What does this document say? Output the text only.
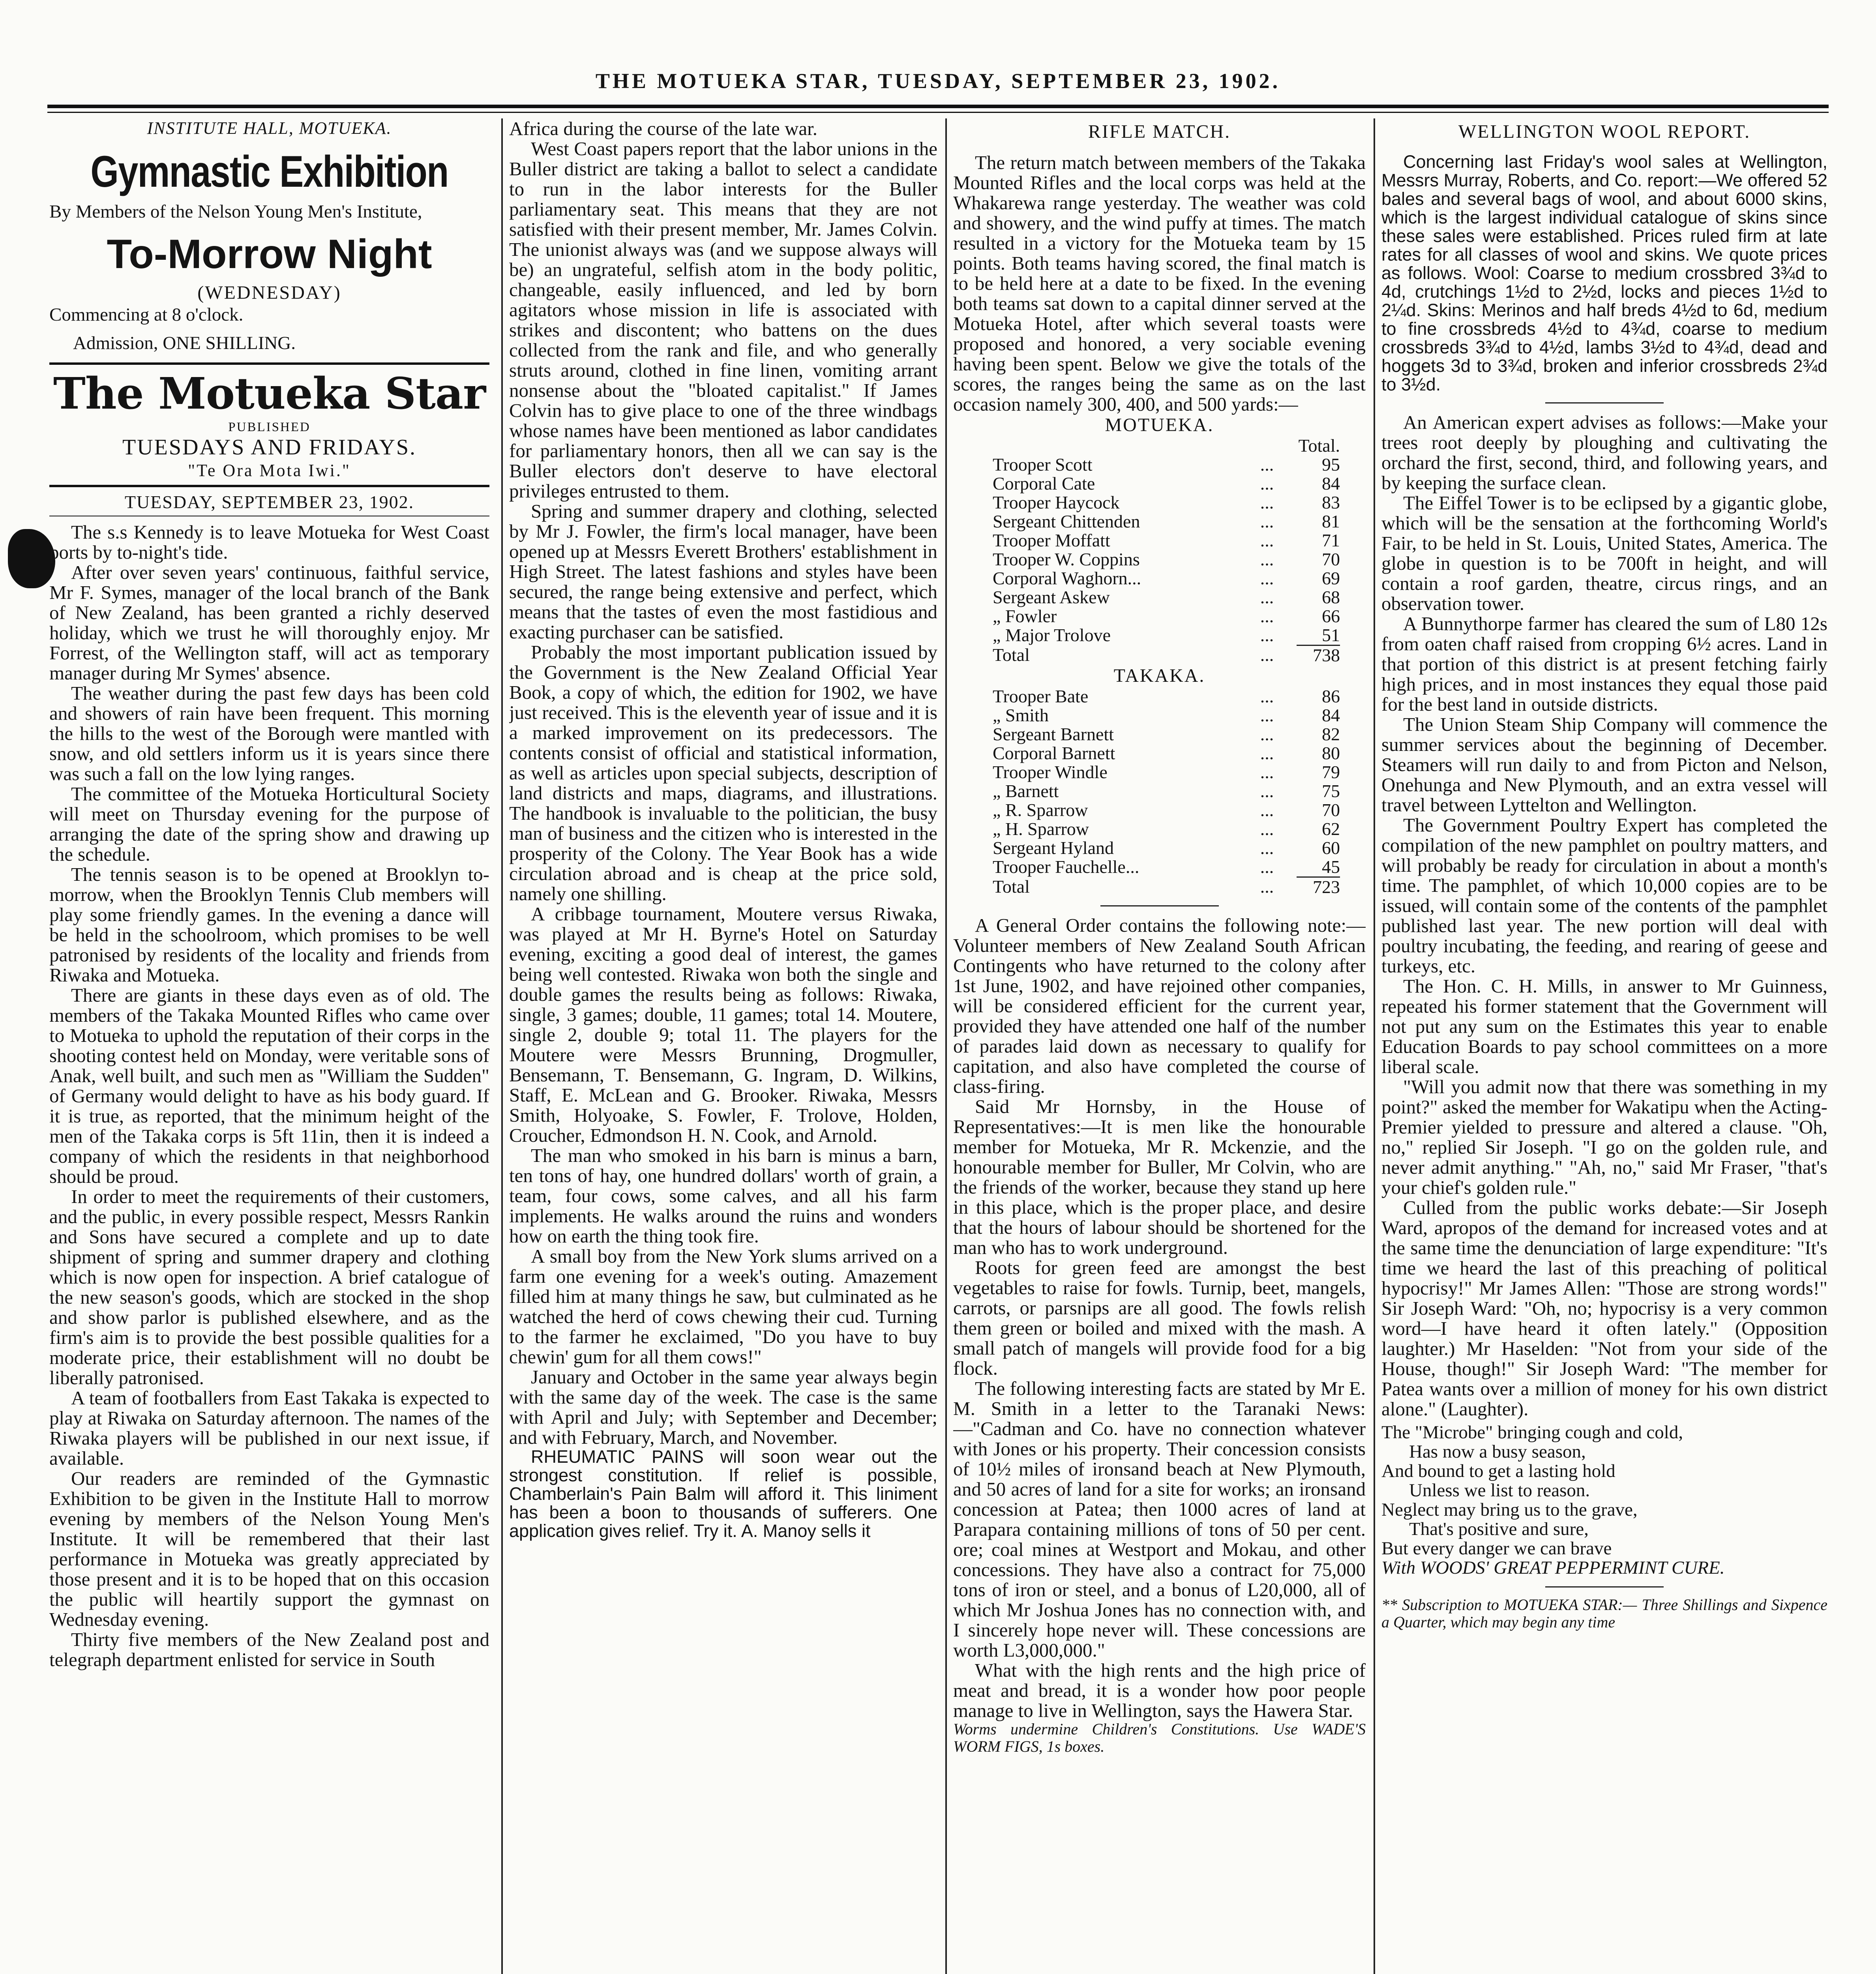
THE MOTUEKA STAR, TUESDAY, SEPTEMBER 23, 1902.
INSTITUTE HALL, MOTUEKA.
Gymnastic Exhibition
By Members of the Nelson Young Men's Institute,
To-Morrow Night
(WEDNESDAY)
Commencing at 8 o'clock.
Admission, ONE SHILLING.
The Motueka Star
PUBLISHED
TUESDAYS AND FRIDAYS.
"Te Ora Mota Iwi."
TUESDAY, SEPTEMBER 23, 1902.

The s.s Kennedy is to leave Motueka for West Coast ports by to-night's tide.

After over seven years' continuous, faithful service, Mr F. Symes, manager of the local branch of the Bank of New Zealand, has been granted a richly deserved holiday, which we trust he will thoroughly enjoy. Mr Forrest, of the Wellington staff, will act as temporary manager during Mr Symes' absence.

The weather during the past few days has been cold and showers of rain have been frequent. This morning the hills to the west of the Borough were mantled with snow, and old settlers inform us it is years since there was such a fall on the low lying ranges.

The committee of the Motueka Horticultural Society will meet on Thursday evening for the purpose of arranging the date of the spring show and drawing up the schedule.

The tennis season is to be opened at Brooklyn to-morrow, when the Brooklyn Tennis Club members will play some friendly games. In the evening a dance will be held in the schoolroom, which promises to be well patronised by residents of the locality and friends from Riwaka and Motueka.

There are giants in these days even as of old. The members of the Takaka Mounted Rifles who came over to Motueka to uphold the reputation of their corps in the shooting contest held on Monday, were veritable sons of Anak, well built, and such men as "William the Sudden" of Germany would delight to have as his body guard. If it is true, as reported, that the minimum height of the men of the Takaka corps is 5ft 11in, then it is indeed a company of which the residents in that neighborhood should be proud.

In order to meet the requirements of their customers, and the public, in every possible respect, Messrs Rankin and Sons have secured a complete and up to date shipment of spring and summer drapery and clothing which is now open for inspection. A brief catalogue of the new season's goods, which are stocked in the shop and show parlor is published elsewhere, and as the firm's aim is to provide the best possible qualities for a moderate price, their establishment will no doubt be liberally patronised.

A team of footballers from East Takaka is expected to play at Riwaka on Saturday afternoon. The names of the Riwaka players will be published in our next issue, if available.

Our readers are reminded of the Gymnastic Exhibition to be given in the Institute Hall to morrow evening by members of the Nelson Young Men's Institute. It will be remembered that their last performance in Motueka was greatly appreciated by those present and it is to be hoped that on this occasion the public will heartily support the gymnast on Wednesday evening.

Thirty five members of the New Zealand post and telegraph department enlisted for service in South

Africa during the course of the late war.

West Coast papers report that the labor unions in the Buller district are taking a ballot to select a candidate to run in the labor interests for the Buller parliamentary seat. This means that they are not satisfied with their present member, Mr. James Colvin. The unionist always was (and we suppose always will be) an ungrateful, selfish atom in the body politic, changeable, easily influenced, and led by born agitators whose mission in life is associated with strikes and discontent; who battens on the dues collected from the rank and file, and who generally struts around, clothed in fine linen, vomiting arrant nonsense about the "bloated capitalist." If James Colvin has to give place to one of the three windbags whose names have been mentioned as labor candidates for parliamentary honors, then all we can say is the Buller electors don't deserve to have electoral privileges entrusted to them.

Spring and summer drapery and clothing, selected by Mr J. Fowler, the firm's local manager, have been opened up at Messrs Everett Brothers' establishment in High Street. The latest fashions and styles have been secured, the range being extensive and perfect, which means that the tastes of even the most fastidious and exacting purchaser can be satisfied.

Probably the most important publication issued by the Government is the New Zealand Official Year Book, a copy of which, the edition for 1902, we have just received. This is the eleventh year of issue and it is a marked improvement on its predecessors. The contents consist of official and statistical information, as well as articles upon special subjects, description of land districts and maps, diagrams, and illustrations. The handbook is invaluable to the politician, the busy man of business and the citizen who is interested in the prosperity of the Colony. The Year Book has a wide circulation abroad and is cheap at the price sold, namely one shilling.

A cribbage tournament, Moutere versus Riwaka, was played at Mr H. Byrne's Hotel on Saturday evening, exciting a good deal of interest, the games being well contested. Riwaka won both the single and double games the results being as follows: Riwaka, single, 3 games; double, 11 games; total 14. Moutere, single 2, double 9; total 11. The players for the Moutere were Messrs Brunning, Drogmuller, Bensemann, T. Bensemann, G. Ingram, D. Wilkins, Staff, E. McLean and G. Brooker. Riwaka, Messrs Smith, Holyoake, S. Fowler, F. Trolove, Holden, Croucher, Edmondson H. N. Cook, and Arnold.

The man who smoked in his barn is minus a barn, ten tons of hay, one hundred dollars' worth of grain, a team, four cows, some calves, and all his farm implements. He walks around the ruins and wonders how on earth the thing took fire.

A small boy from the New York slums arrived on a farm one evening for a week's outing. Amazement filled him at many things he saw, but culminated as he watched the herd of cows chewing their cud. Turning to the farmer he exclaimed, "Do you have to buy chewin' gum for all them cows!"

January and October in the same year always begin with the same day of the week. The case is the same with April and July; with September and December; and with February, March, and November.

RHEUMATIC PAINS will soon wear out the strongest constitution. If relief is possible, Chamberlain's Pain Balm will afford it. This liniment has been a boon to thousands of sufferers. One application gives relief. Try it. A. Manoy sells it

RIFLE MATCH.

The return match between members of the Takaka Mounted Rifles and the local corps was held at the Whakarewa range yesterday. The weather was cold and showery, and the wind puffy at times. The match resulted in a victory for the Motueka team by 15 points. Both teams having scored, the final match is to be held here at a date to be fixed. In the evening both teams sat down to a capital dinner served at the Motueka Hotel, after which several toasts were proposed and honored, a very sociable evening having been spent. Below we give the totals of the scores, the ranges being the same as on the last occasion namely 300, 400, and 500 yards:—

MOTUEKA.
		Total.
Trooper Scott	...	95
Corporal Cate	...	84
Trooper Haycock	...	83
Sergeant Chittenden	...	81
Trooper Moffatt	...	71
Trooper W. Coppins	...	70
Corporal Waghorn...	...	69
Sergeant Askew	...	68
„ Fowler	...	66
„ Major Trolove	...	51
Total	...	738
TAKAKA.
Trooper Bate	...	86
„ Smith	...	84
Sergeant Barnett	...	82
Corporal Barnett	...	80
Trooper Windle	...	79
„ Barnett	...	75
„ R. Sparrow	...	70
„ H. Sparrow	...	62
Sergeant Hyland	...	60
Trooper Fauchelle...	...	45
Total	...	723

A General Order contains the following note:—Volunteer members of New Zealand South African Contingents who have returned to the colony after 1st June, 1902, and have rejoined other companies, will be considered efficient for the current year, provided they have attended one half of the number of parades laid down as necessary to qualify for capitation, and also have completed the course of class-firing.

Said Mr Hornsby, in the House of Representatives:—It is men like the honourable member for Motueka, Mr R. Mckenzie, and the honourable member for Buller, Mr Colvin, who are the friends of the worker, because they stand up here in this place, which is the proper place, and desire that the hours of labour should be shortened for the man who has to work underground.

Roots for green feed are amongst the best vegetables to raise for fowls. Turnip, beet, mangels, carrots, or parsnips are all good. The fowls relish them green or boiled and mixed with the mash. A small patch of mangels will provide food for a big flock.

The following interesting facts are stated by Mr E. M. Smith in a letter to the Taranaki News:—"Cadman and Co. have no connection whatever with Jones or his property. Their concession consists of 10½ miles of ironsand beach at New Plymouth, and 50 acres of land for a site for works; an ironsand concession at Patea; then 1000 acres of land at Parapara containing millions of tons of 50 per cent. ore; coal mines at Westport and Mokau, and other concessions. They have also a contract for 75,000 tons of iron or steel, and a bonus of L20,000, all of which Mr Joshua Jones has no connection with, and I sincerely hope never will. These concessions are worth L3,000,000."

What with the high rents and the high price of meat and bread, it is a wonder how poor people manage to live in Wellington, says the Hawera Star.

Worms undermine Children's Constitutions. Use WADE'S WORM FIGS, 1s boxes.

WELLINGTON WOOL REPORT.

Concerning last Friday's wool sales at Wellington, Messrs Murray, Roberts, and Co. report:—We offered 52 bales and several bags of wool, and about 6000 skins, which is the largest individual catalogue of skins since these sales were established. Prices ruled firm at late rates for all classes of wool and skins. We quote prices as follows. Wool: Coarse to medium crossbred 3¾d to 4d, crutchings 1½d to 2½d, locks and pieces 1½d to 2¼d. Skins: Merinos and half breds 4½d to 6d, medium to fine crossbreds 4½d to 4¾d, coarse to medium crossbreds 3¾d to 4½d, lambs 3½d to 4¾d, dead and hoggets 3d to 3¾d, broken and inferior crossbreds 2¾d to 3½d.

An American expert advises as follows:—Make your trees root deeply by ploughing and cultivating the orchard the first, second, third, and following years, and by keeping the surface clean.

The Eiffel Tower is to be eclipsed by a gigantic globe, which will be the sensation at the forthcoming World's Fair, to be held in St. Louis, United States, America. The globe in question is to be 700ft in height, and will contain a roof garden, theatre, circus rings, and an observation tower.

A Bunnythorpe farmer has cleared the sum of L80 12s from oaten chaff raised from cropping 6½ acres. Land in that portion of this district is at present fetching fairly high prices, and in most instances they equal those paid for the best land in outside districts.

The Union Steam Ship Company will commence the summer services about the beginning of December. Steamers will run daily to and from Picton and Nelson, Onehunga and New Plymouth, and an extra vessel will travel between Lyttelton and Wellington.

The Government Poultry Expert has completed the compilation of the new pamphlet on poultry matters, and will probably be ready for circulation in about a month's time. The pamphlet, of which 10,000 copies are to be issued, will contain some of the contents of the pamphlet published last year. The new portion will deal with poultry incubating, the feeding, and rearing of geese and turkeys, etc.

The Hon. C. H. Mills, in answer to Mr Guinness, repeated his former statement that the Government will not put any sum on the Estimates this year to enable Education Boards to pay school committees on a more liberal scale.

"Will you admit now that there was something in my point?" asked the member for Wakatipu when the Acting-Premier yielded to pressure and altered a clause. "Oh, no," replied Sir Joseph. "I go on the golden rule, and never admit anything." "Ah, no," said Mr Fraser, "that's your chief's golden rule."

Culled from the public works debate:—Sir Joseph Ward, apropos of the demand for increased votes and at the same time the denunciation of large expenditure: "It's time we heard the last of this preaching of political hypocrisy!" Mr James Allen: "Those are strong words!" Sir Joseph Ward: "Oh, no; hypocrisy is a very common word—I have heard it often lately." (Opposition laughter.) Mr Haselden: "Not from your side of the House, though!" Sir Joseph Ward: "The member for Patea wants over a million of money for his own district alone." (Laughter).

The "Microbe" bringing cough and cold,

Has now a busy season,

And bound to get a lasting hold

Unless we list to reason.

Neglect may bring us to the grave,

That's positive and sure,

But every danger we can brave

With WOODS' GREAT PEPPERMINT CURE.

** Subscription to MOTUEKA STAR:— Three Shillings and Sixpence a Quarter, which may begin any time
